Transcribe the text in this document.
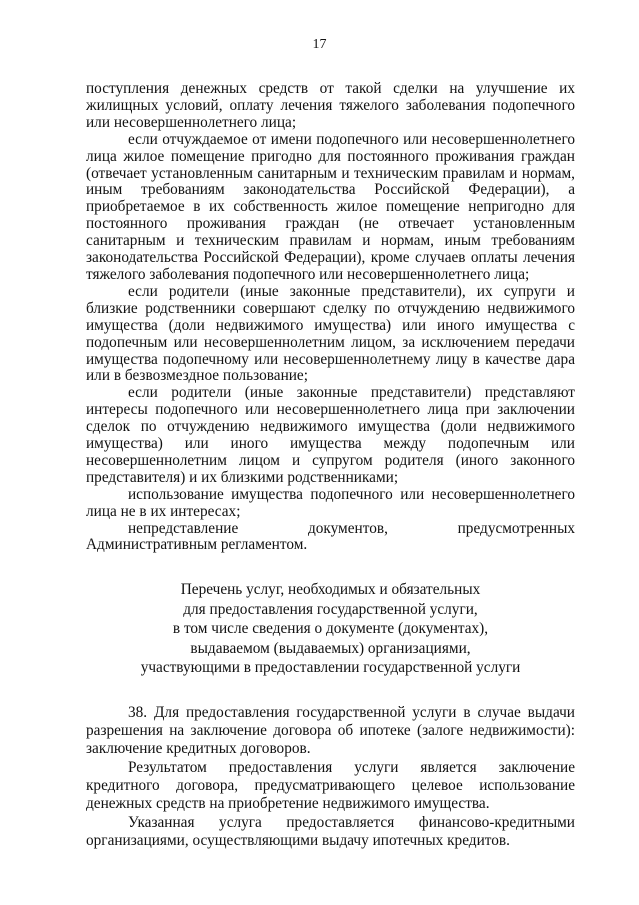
17

поступления денежных средств от такой сделки на улучшение их жилищных условий, оплату лечения тяжелого заболевания подопечного или несовершеннолетнего лица;

если отчуждаемое от имени подопечного или несовершеннолетнего лица жилое помещение пригодно для постоянного проживания граждан (отвечает установленным санитарным и техническим правилам и нормам, иным требованиям законодательства Российской Федерации), а приобретаемое в их собственность жилое помещение непригодно для постоянного проживания граждан (не отвечает установленным санитарным и техническим правилам и нормам, иным требованиям законодательства Российской Федерации), кроме случаев оплаты лечения тяжелого заболевания подопечного или несовершеннолетнего лица;

если родители (иные законные представители), их супруги и близкие родственники совершают сделку по отчуждению недвижимого имущества (доли недвижимого имущества) или иного имущества с подопечным или несовершеннолетним лицом, за исключением передачи имущества подопечному или несовершеннолетнему лицу в качестве дара или в безвозмездное пользование;

если родители (иные законные представители) представляют интересы подопечного или несовершеннолетнего лица при заключении сделок по отчуждению недвижимого имущества (доли недвижимого имущества) или иного имущества между подопечным или несовершеннолетним лицом и супругом родителя (иного законного представителя) и их близкими родственниками;

использование имущества подопечного или несовершеннолетнего лица не в их интересах;

непредставление документов, предусмотренных Административным регламентом.

Перечень услуг, необходимых и обязательных
для предоставления государственной услуги,
в том числе сведения о документе (документах),
выдаваемом (выдаваемых) организациями,
участвующими в предоставлении государственной услуги

38. Для предоставления государственной услуги в случае выдачи разрешения на заключение договора об ипотеке (залоге недвижимости): заключение кредитных договоров.

Результатом предоставления услуги является заключение кредитного договора, предусматривающего целевое использование денежных средств на приобретение недвижимого имущества.

Указанная услуга предоставляется финансово-кредитными организациями, осуществляющими выдачу ипотечных кредитов.
